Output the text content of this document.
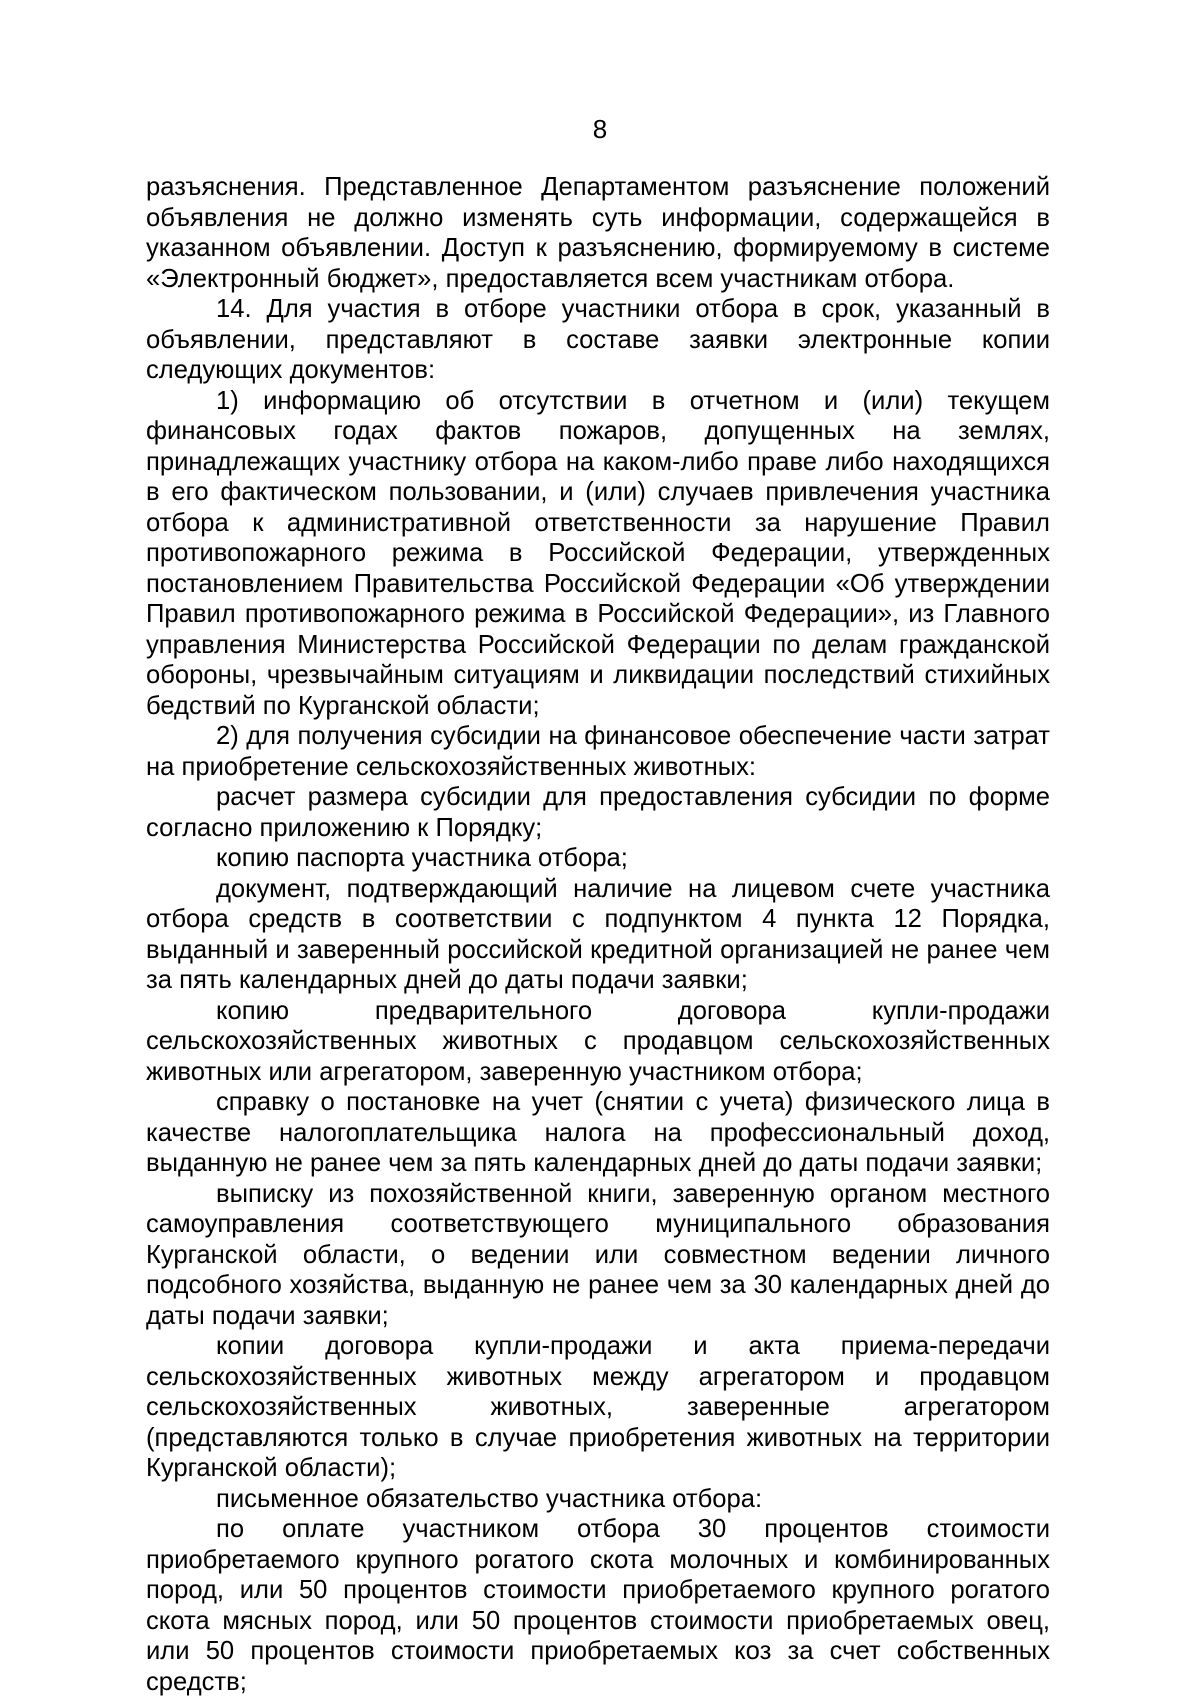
8

разъяснения. Представленное Департаментом разъяснение положений объявления не должно изменять суть информации, содержащейся в указанном объявлении. Доступ к разъяснению, формируемому в системе «Электронный бюджет», предоставляется всем участникам отбора.

14. Для участия в отборе участники отбора в срок, указанный в объявлении, представляют в составе заявки электронные копии следующих документов:

1) информацию об отсутствии в отчетном и (или) текущем финансовых годах фактов пожаров, допущенных на землях, принадлежащих участнику отбора на каком-либо праве либо находящихся в его фактическом пользовании, и (или) случаев привлечения участника отбора к административной ответственности за нарушение Правил противопожарного режима в Российской Федерации, утвержденных постановлением Правительства Российской Федерации «Об утверждении Правил противопожарного режима в Российской Федерации», из Главного управления Министерства Российской Федерации по делам гражданской обороны, чрезвычайным ситуациям и ликвидации последствий стихийных бедствий по Курганской области;

2) для получения субсидии на финансовое обеспечение части затрат на приобретение сельскохозяйственных животных:

расчет размера субсидии для предоставления субсидии по форме согласно приложению к Порядку;

копию паспорта участника отбора;

документ, подтверждающий наличие на лицевом счете участника отбора средств в соответствии с подпунктом 4 пункта 12 Порядка, выданный и заверенный российской кредитной организацией не ранее чем за пять календарных дней до даты подачи заявки;

копию предварительного договора купли-продажи сельскохозяйственных животных с продавцом сельскохозяйственных животных или агрегатором, заверенную участником отбора;

справку о постановке на учет (снятии с учета) физического лица в качестве налогоплательщика налога на профессиональный доход, выданную не ранее чем за пять календарных дней до даты подачи заявки;

выписку из похозяйственной книги, заверенную органом местного самоуправления соответствующего муниципального образования Курганской области, о ведении или совместном ведении личного подсобного хозяйства, выданную не ранее чем за 30 календарных дней до даты подачи заявки;

копии договора купли-продажи и акта приема-передачи сельскохозяйственных животных между агрегатором и продавцом сельскохозяйственных животных, заверенные агрегатором (представляются только в случае приобретения животных на территории Курганской области);

письменное обязательство участника отбора:

по оплате участником отбора 30 процентов стоимости приобретаемого крупного рогатого скота молочных и комбинированных пород, или 50 процентов стоимости приобретаемого крупного рогатого скота мясных пород, или 50 процентов стоимости приобретаемых овец, или 50 процентов стоимости приобретаемых коз за счет собственных средств;
